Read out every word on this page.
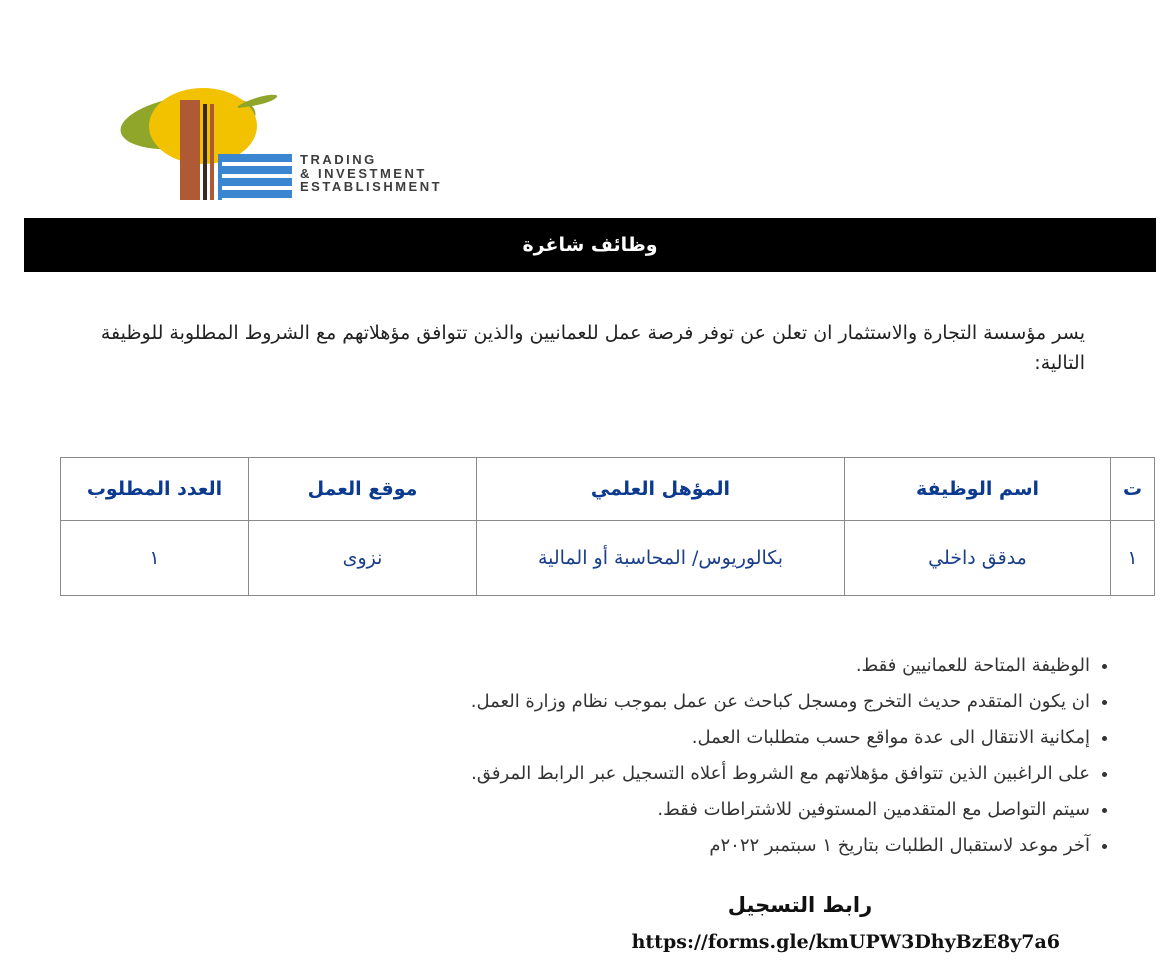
TRADING
& INVESTMENT
ESTABLISHMENT
وظائف شاغرة
يسر مؤسسة التجارة والاستثمار ان تعلن عن توفر فرصة عمل للعمانيين والذين تتوافق مؤهلاتهم مع الشروط المطلوبة للوظيفة التالية:
ت	اسم الوظيفة	المؤهل العلمي	موقع العمل	العدد المطلوب
١	مدقق داخلي	بكالوريوس/ المحاسبة أو المالية	نزوى	١
• الوظيفة المتاحة للعمانيين فقط.
• ان يكون المتقدم حديث التخرج ومسجل كباحث عن عمل بموجب نظام وزارة العمل.
• إمكانية الانتقال الى عدة مواقع حسب متطلبات العمل.
• على الراغبين الذين تتوافق مؤهلاتهم مع الشروط أعلاه التسجيل عبر الرابط المرفق.
• سيتم التواصل مع المتقدمين المستوفين للاشتراطات فقط.
• آخر موعد لاستقبال الطلبات بتاريخ ١ سبتمبر ٢٠٢٢م
رابط التسجيل
https://forms.gle/kmUPW3DhyBzE8y7a6
